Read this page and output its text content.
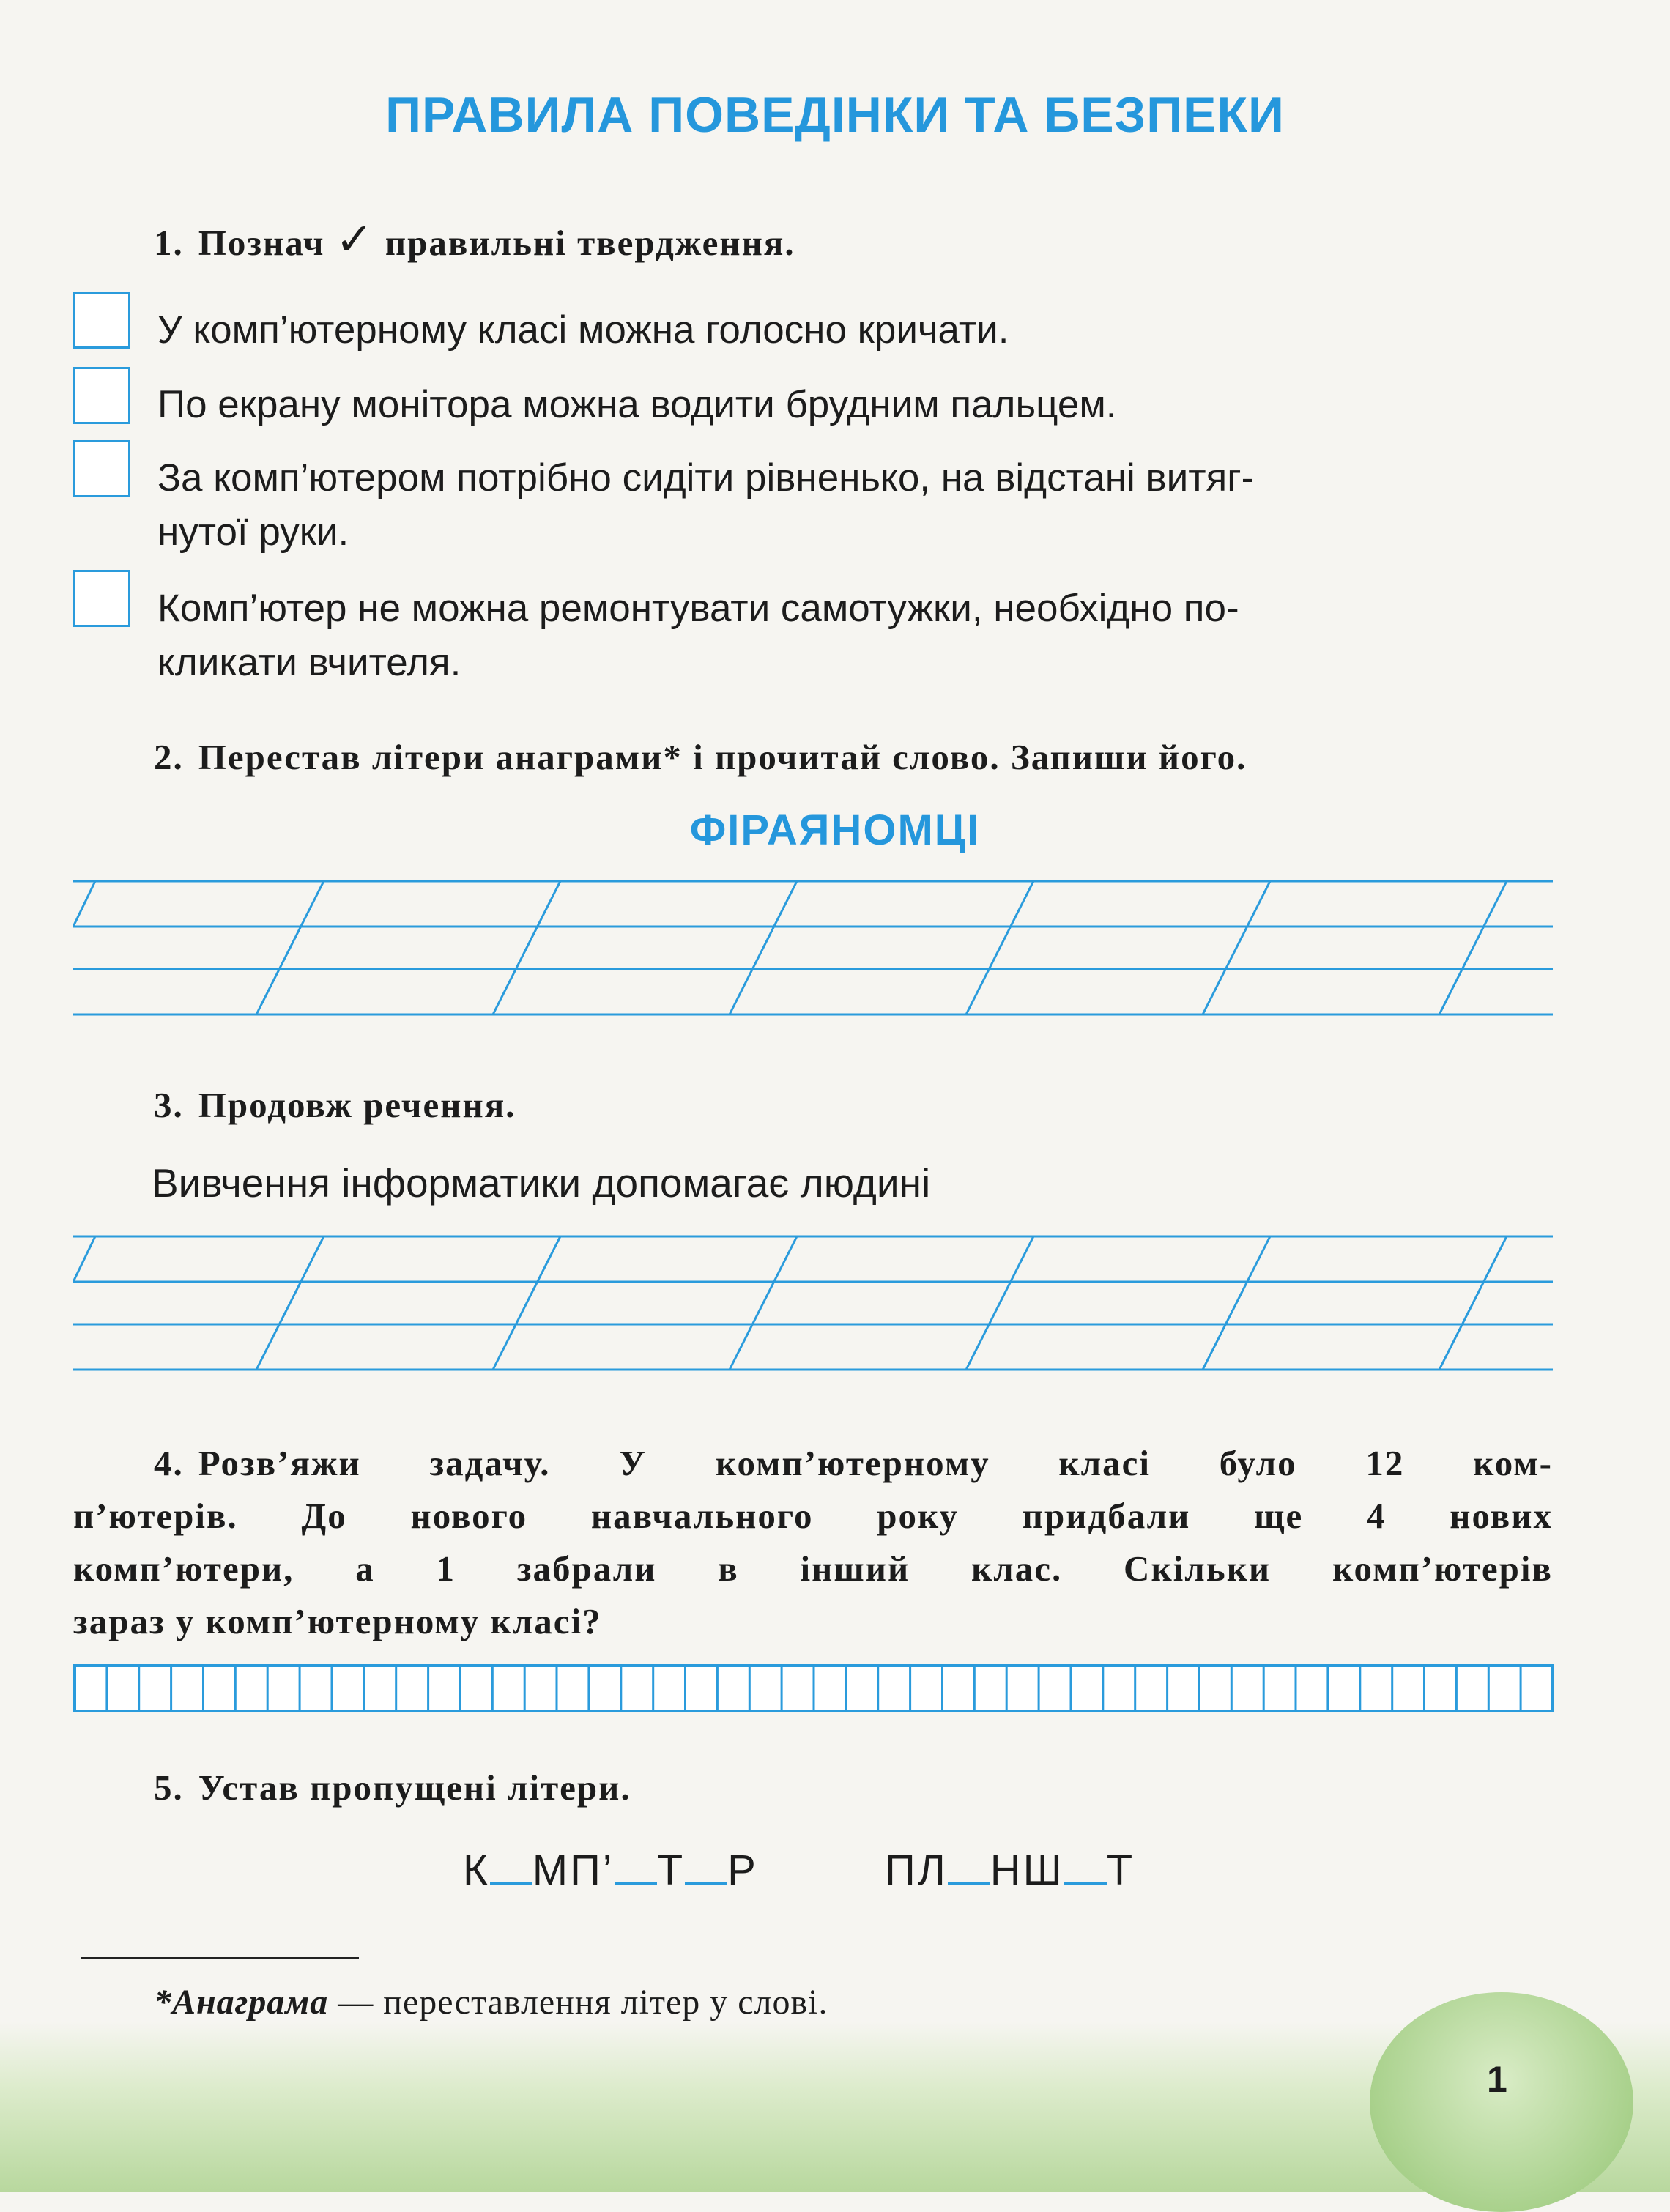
ПРАВИЛА ПОВЕДІНКИ ТА БЕЗПЕКИ
1. Познач ✓ правильні твердження.
У комп’ютерному класі можна голосно кричати.
По екрану монітора можна водити брудним пальцем.
За комп’ютером потрібно сидіти рівненько, на відстані витяг-
нутої руки.
Комп’ютер не можна ремонтувати самотужки, необхідно по-
кликати вчителя.
2. Перестав літери анаграми* і прочитай слово. Запиши його.
ФІРАЯНОМЦІ
3. Продовж речення.
Вивчення інформатики допомагає людині
4. Розв’яжи задачу. У комп’ютерному класі було 12 ком-
п’ютерів. До нового навчального року придбали ще 4 нових
комп’ютери, а 1 забрали в інший клас. Скільки комп’ютерів
зараз у комп’ютерному класі?
5. Устав пропущені літери.
К МП’ Т Р	ПЛ НШ Т
*Анаграма — переставлення літер у слові.
1
